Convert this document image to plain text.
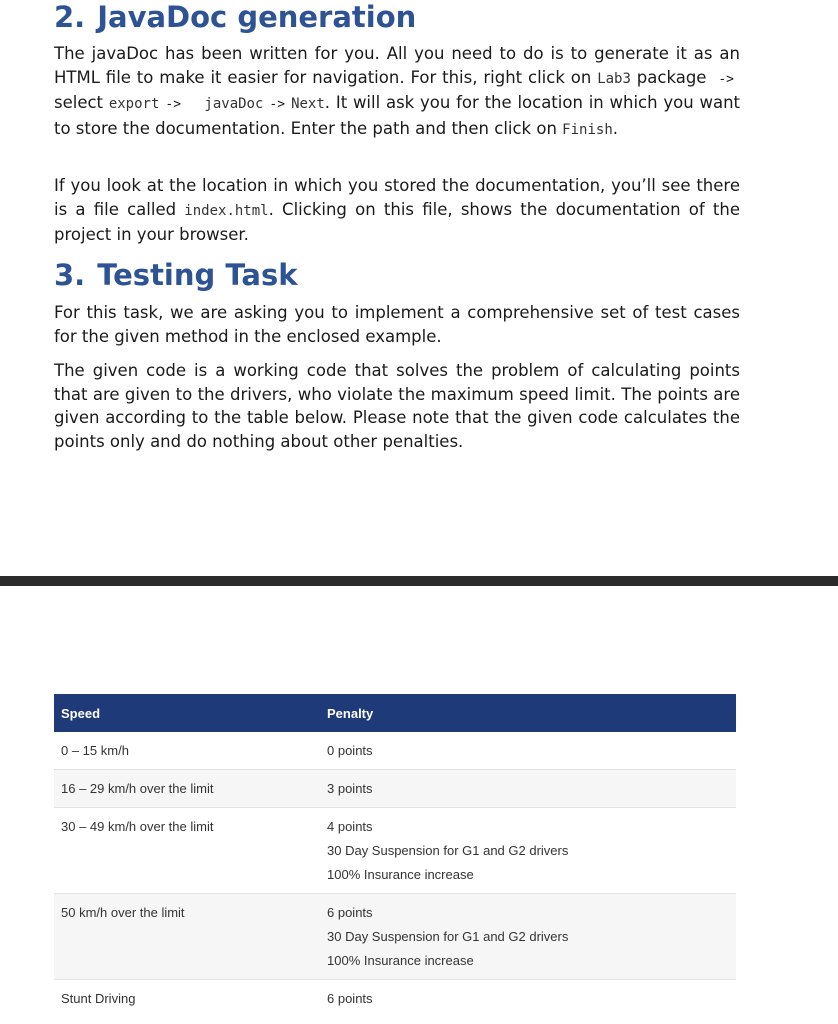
2. JavaDoc generation

The javaDoc has been written for you. All you need to do is to generate it as an HTML file to make it easier for navigation. For this, right click on Lab3 package -> select export -> javaDoc -> Next. It will ask you for the location in which you want to store the documentation. Enter the path and then click on Finish.

If you look at the location in which you stored the documentation, you’ll see there is a file called index.html. Clicking on this file, shows the documentation of the project in your browser.

3. Testing Task

For this task, we are asking you to implement a comprehensive set of test cases for the given method in the enclosed example.

The given code is a working code that solves the problem of calculating points that are given to the drivers, who violate the maximum speed limit. The points are given according to the table below. Please note that the given code calculates the points only and do nothing about other penalties.

Speed	Penalty
0 – 15 km/h	0 points
16 – 29 km/h over the limit	3 points
30 – 49 km/h over the limit	4 points
30 Day Suspension for G1 and G2 drivers
100% Insurance increase
50 km/h over the limit	6 points
30 Day Suspension for G1 and G2 drivers
100% Insurance increase
Stunt Driving	6 points
